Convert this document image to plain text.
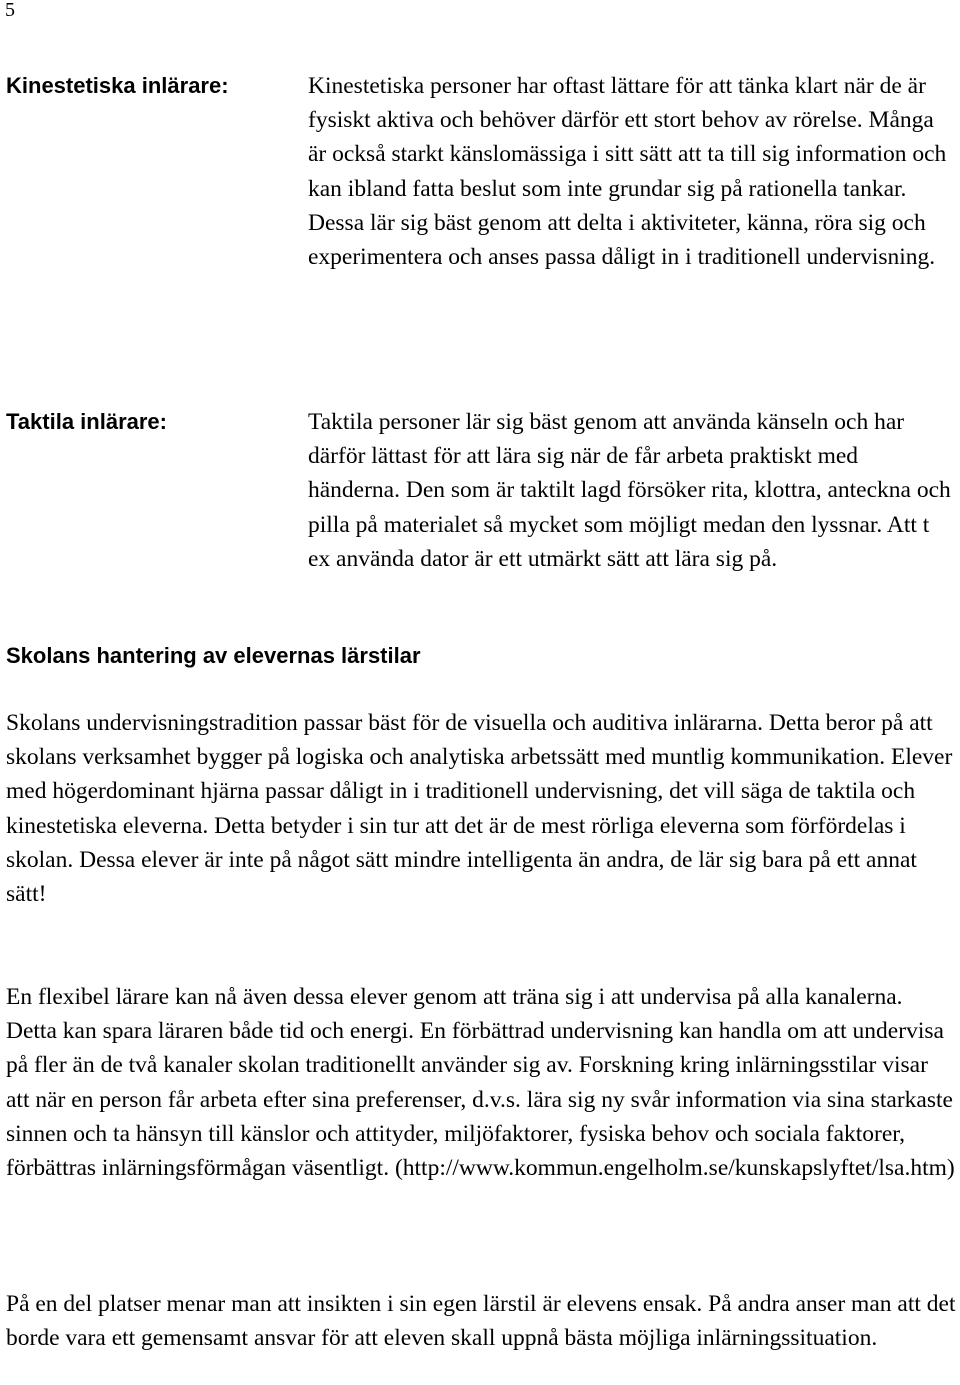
5
Kinestetiska inlärare:	Kinestetiska personer har oftast lättare för att tänka klart när de är fysiskt aktiva och behöver därför ett stort behov av rörelse. Många är också starkt känslomässiga i sitt sätt att ta till sig information och kan ibland fatta beslut som inte grundar sig på rationella tankar. Dessa lär sig bäst genom att delta i aktiviteter, känna, röra sig och experimentera och anses passa dåligt in i traditionell undervisning.
Taktila inlärare:	Taktila personer lär sig bäst genom att använda känseln och har därför lättast för att lära sig när de får arbeta praktiskt med händerna. Den som är taktilt lagd försöker rita, klottra, anteckna och pilla på materialet så mycket som möjligt medan den lyssnar. Att t ex använda dator är ett utmärkt sätt att lära sig på.
Skolans hantering av elevernas lärstilar

Skolans undervisningstradition passar bäst för de visuella och auditiva inlärarna. Detta beror på att skolans verksamhet bygger på logiska och analytiska arbetssätt med muntlig kommunikation. Elever med högerdominant hjärna passar dåligt in i traditionell undervisning, det vill säga de taktila och kinestetiska eleverna. Detta betyder i sin tur att det är de mest rörliga eleverna som förfördelas i skolan. Dessa elever är inte på något sätt mindre intelligenta än andra, de lär sig bara på ett annat sätt!

En flexibel lärare kan nå även dessa elever genom att träna sig i att undervisa på alla kanalerna. Detta kan spara läraren både tid och energi. En förbättrad undervisning kan handla om att undervisa på fler än de två kanaler skolan traditionellt använder sig av. Forskning kring inlärningsstilar visar att när en person får arbeta efter sina preferenser, d.v.s. lära sig ny svår information via sina starkaste sinnen och ta hänsyn till känslor och attityder, miljöfaktorer, fysiska behov och sociala faktorer, förbättras inlärningsförmågan väsentligt. (http://www.kommun.engelholm.se/kunskapslyftet/lsa.htm)

På en del platser menar man att insikten i sin egen lärstil är elevens ensak. På andra anser man att det borde vara ett gemensamt ansvar för att eleven skall uppnå bästa möjliga inlärningssituation.
